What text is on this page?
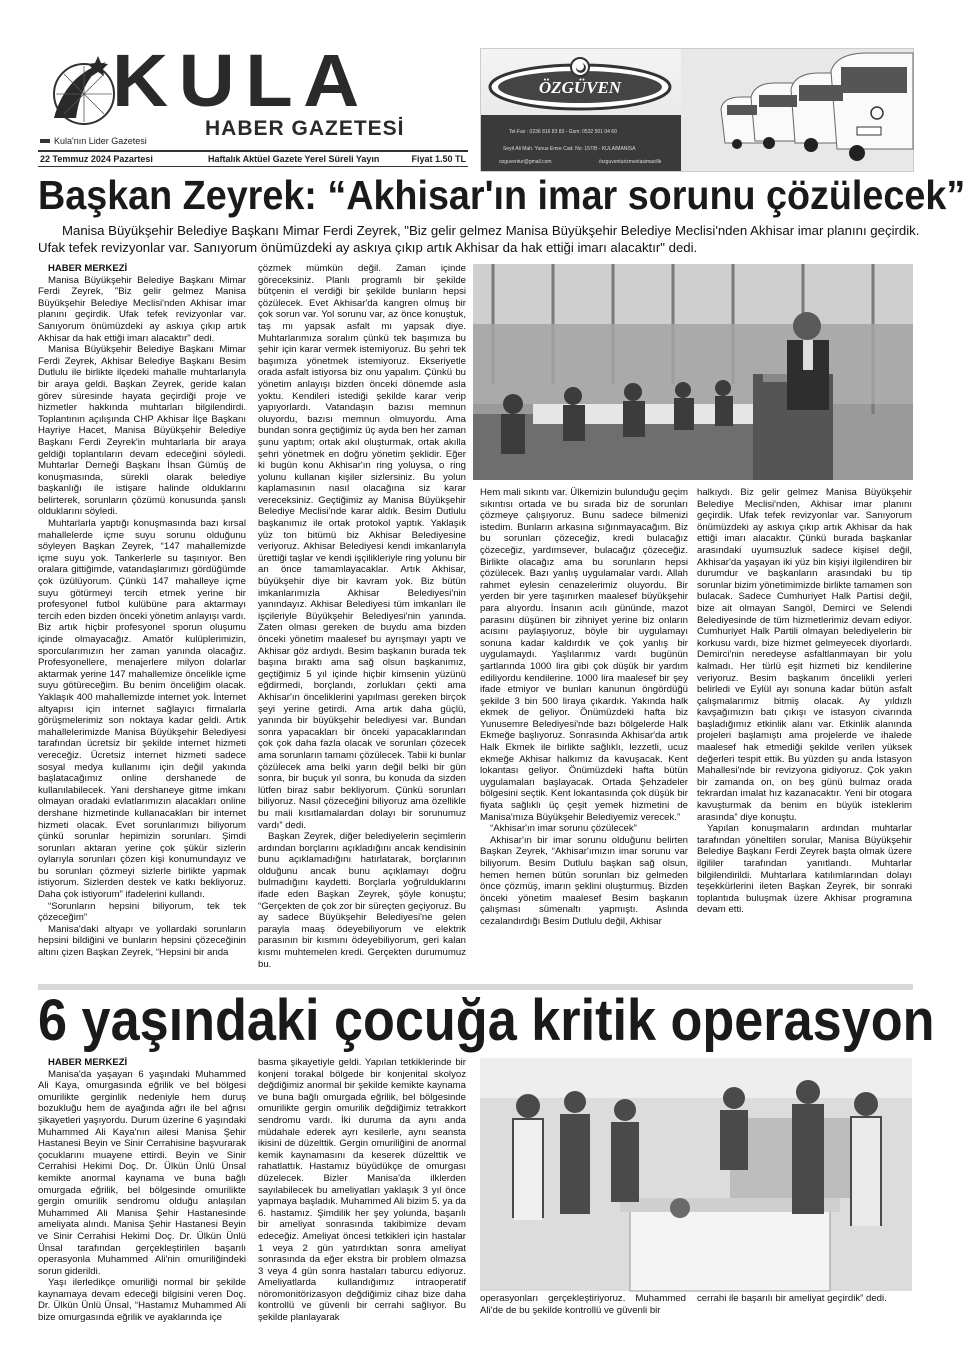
KULA
HABER GAZETESİ
Kula'nın Lider Gazetesi
22 Temmuz 2024 Pazartesi	Haftalık Aktüel Gazete Yerel Süreli Yayın	Fiyat 1.50 TL
ÖZGÜVEN
Tel-Fax : 0236 816 83 83 - Gsm: 0532 501 04 60
Seyit Ali Mah. Yunus Emre Cad. No: 157/B - KULA/MANİSA
ozguventur@gmail.com	/ozguventurizmvetasimacilik
Başkan Zeyrek: “Akhisar'ın imar sorunu çözülecek”
Manisa Büyükşehir Belediye Başkanı Mimar Ferdi Zeyrek, "Biz gelir gelmez Manisa Büyükşehir Belediye Meclisi'nden Akhisar imar planını geçirdik.
Ufak tefek revizyonlar var. Sanıyorum önümüzdeki ay askıya çıkıp artık Akhisar da hak ettiği imarı alacaktır" dedi.

HABER MERKEZİ

Manisa Büyükşehir Belediye Başkanı Mimar Ferdi Zeyrek, "Biz gelir gelmez Manisa Büyükşehir Belediye Meclisi'nden Akhisar imar planını geçirdik. Ufak tefek revizyonlar var. Sanıyorum önümüzdeki ay askıya çıkıp artık Akhisar da hak ettiği imarı alacaktır" dedi.

Manisa Büyükşehir Belediye Başkanı Mimar Ferdi Zeyrek, Akhisar Belediye Başkanı Besim Dutlulu ile birlikte ilçedeki mahalle muhtarlarıyla bir araya geldi. Başkan Zeyrek, geride kalan görev süresinde hayata geçirdiği proje ve hizmetler hakkında muhtarları bilgilendirdi. Toplantının açılışında CHP Akhisar İlçe Başkanı Hayriye Hacet, Manisa Büyükşehir Belediye Başkanı Ferdi Zeyrek'in muhtarlarla bir araya geldiği toplantıların devam edeceğini söyledi. Muhtarlar Derneği Başkanı İhsan Gümüş de konuşmasında, sürekli olarak belediye başkanlığı ile istişare halinde olduklarını belirterek, sorunların çözümü konusunda şanslı olduklarını söyledi.

Muhtarlarla yaptığı konuşmasında bazı kırsal mahallelerde içme suyu sorunu olduğunu söyleyen Başkan Zeyrek, “147 mahallemizde içme suyu yok. Tankerlerle su taşınıyor. Ben oralara gittiğimde, vatandaşlarımızı gördüğümde çok üzülüyorum. Çünkü 147 mahalleye içme suyu götürmeyi tercih etmek yerine bir profesyonel futbol kulübüne para aktarmayı tercih eden bizden önceki yönetim anlayışı vardı. Biz artık hiçbir profesyonel sporun oluşumu içinde olmayacağız. Amatör kulüplerimizin, sporcularımızın her zaman yanında olacağız. Profesyonellere, menajerlere milyon dolarlar aktarmak yerine 147 mahallemize öncelikle içme suyu götüreceğim. Bu benim önceliğim olacak. Yaklaşık 400 mahallemizde internet yok. İnternet altyapısı için internet sağlayıcı firmalarla görüşmelerimiz son noktaya kadar geldi. Artık mahallelerimizde Manisa Büyükşehir Belediyesi tarafından ücretsiz bir şekilde internet hizmeti vereceğiz. Ücretsiz internet hizmeti sadece sosyal medya kullanımı için değil yakında başlatacağımız online dershanede de kullanılabilecek. Yani dershaneye gitme imkanı olmayan oradaki evlatlarımızın alacakları online dershane hizmetinde kullanacakları bir internet hizmeti olacak. Evet sorunlarımızı biliyorum çünkü sorunlar hepimizin sorunları. Şimdi sorunları aktaran yerine çok şükür sizlerin oylarıyla sorunları çözen kişi konumundayız ve bu sorunları çözmeyi sizlerle birlikte yapmak istiyorum. Sizlerden destek ve katkı bekliyoruz. Daha çok istiyorum” ifadelerini kullandı.

“Sorunların hepsini biliyorum, tek tek çözeceğim”

Manisa'daki altyapı ve yollardaki sorunların hepsini bildiğini ve bunların hepsini çözeceğinin altını çizen Başkan Zeyrek, “Hepsini bir anda

çözmek mümkün değil. Zaman içinde göreceksiniz. Planlı programlı bir şekilde bütçenin el verdiği bir şekilde bunların hepsi çözülecek. Evet Akhisar'da kangren olmuş bir çok sorun var. Yol sorunu var, az önce konuştuk, taş mı yapsak asfalt mı yapsak diye. Muhtarlarımıza soralım çünkü tek başımıza bu şehir için karar vermek istemiyoruz. Bu şehri tek başımıza yönetmek istemiyoruz. Ekseriyetle orada asfalt istiyorsa biz onu yapalım. Çünkü bu yönetim anlayışı bizden önceki dönemde asla yoktu. Kendileri istediği şekilde karar verip yapıyorlardı. Vatandaşın bazısı memnun oluyordu, bazısı memnun olmuyordu. Ama bundan sonra geçtiğimiz üç ayda ben her zaman şunu yaptım; ortak akıl oluşturmak, ortak akılla şehri yönetmek en doğru yönetim şeklidir. Eğer ki bugün konu Akhisar'ın ring yoluysa, o ring yolunu kullanan kişiler sizlersiniz. Bu yolun kaplamasının nasıl olacağına siz karar vereceksiniz. Geçtiğimiz ay Manisa Büyükşehir Belediye Meclisi'nde karar aldık. Besim Dutlulu başkanımız ile ortak protokol yaptık. Yaklaşık yüz ton bitümü biz Akhisar Belediyesine veriyoruz. Akhisar Belediyesi kendi imkanlarıyla ürettiği taşlar ve kendi işçilikleriyle ring yolunu bir an önce tamamlayacaklar. Artık Akhisar, büyükşehir diye bir kavram yok. Biz bütün imkanlarımızla Akhisar Belediyesi'nin yanındayız. Akhisar Belediyesi tüm imkanları ile işçileriyle Büyükşehir Belediyesi'nin yanında. Zaten olması gereken de buydu ama bizden önceki yönetim maalesef bu ayrışmayı yaptı ve Akhisar göz ardıydı. Besim başkanın burada tek başına bıraktı ama sağ olsun başkanımız, geçtiğimiz 5 yıl içinde hiçbir kimsenin yüzünü eğdirmedi, borçlandı, zorlukları çekti ama Akhisar'ın önceliklerini yapılması gereken birçok şeyi yerine getirdi. Ama artık daha güçlü, yanında bir büyükşehir belediyesi var. Bundan sonra yapacakları bir önceki yapacaklarından çok çok daha fazla olacak ve sorunları çözecek ama sorunların tamamı çözülecek. Tabii ki bunlar çözülecek ama belki yarın değil belki bir gün sonra, bir buçuk yıl sonra, bu konuda da sizden lütfen biraz sabır bekliyorum. Çünkü sorunları biliyoruz. Nasıl çözeceğini biliyoruz ama özellikle bu mali kısıtlamalardan dolayı bir sorunumuz vardı” dedi.

Başkan Zeyrek, diğer belediyelerin seçimlerin ardından borçlarını açıkladığını ancak kendisinin bunu açıklamadığını hatırlatarak, borçlarının olduğunu ancak bunu açıklamayı doğru bulmadığını kaydetti. Borçlarla yoğrulduklarını ifade eden Başkan Zeyrek, şöyle konuştu; “Gerçekten de çok zor bir süreçten geçiyoruz. Bu ay sadece Büyükşehir Belediyesi'ne gelen parayla maaş ödeyebiliyorum ve elektrik parasının bir kısmını ödeyebiliyorum, geri kalan kısmı muhtemelen kredi. Gerçekten durumumuz bu.

Hem mali sıkıntı var. Ülkemizin bulunduğu geçim sıkıntısı ortada ve bu sırada biz de sorunları çözmeye çalışıyoruz. Bunu sadece bilmenizi istedim. Bunların arkasına sığınmayacağım. Biz bu sorunları çözeceğiz, kredi bulacağız çözeceğiz, yardımsever, bulacağız çözeceğiz. Birlikte olacağız ama bu sorunların hepsi çözülecek. Bazı yanlış uygulamalar vardı. Allah rahmet eylesin cenazelerimiz oluyordu. Bir yerden bir yere taşınırken maalesef büyükşehir para alıyordu. İnsanın acılı gününde, mazot parasını düşünen bir zihniyet yerine biz onların acısını paylaşıyoruz, böyle bir uygulamayı sonuna kadar kaldırdık ve çok yanlış bir uygulamaydı. Yaşlılarımız vardı bugünün şartlarında 1000 lira gibi çok düşük bir yardım ediliyordu kendilerine. 1000 lira maalesef bir şey ifade etmiyor ve bunları kanunun öngördüğü şekilde 3 bin 500 liraya çıkardık. Yakında halk ekmek de geliyor. Önümüzdeki hafta biz Yunusemre Belediyesi'nde bazı bölgelerde Halk Ekmeğe başlıyoruz. Sonrasında Akhisar'da artık Halk Ekmek ile birlikte sağlıklı, lezzetli, ucuz ekmeğe Akhisar halkımız da kavuşacak. Kent lokantası geliyor. Önümüzdeki hafta bütün uygulamaları başlayacak. Ortada Şehzadeler bölgesini seçtik. Kent lokantasında çok düşük bir fiyata sağlıklı üç çeşit yemek hizmetini de Manisa'mıza Büyükşehir Belediyemiz verecek.”

“Akhisar'ın imar sorunu çözülecek”

Akhisar'ın bir imar sorunu olduğunu belirten Başkan Zeyrek, “Akhisar'ımızın imar sorunu var biliyorum. Besim Dutlulu başkan sağ olsun, hemen hemen bütün sorunları biz gelmeden önce çözmüş, imarın şeklini oluşturmuş. Bizden önceki yönetim maalesef Besim başkanın çalışması sümenaltı yapmıştı. Aslında cezalandırdığı Besim Dutlulu değil, Akhisar

halkıydı. Biz gelir gelmez Manisa Büyükşehir Belediye Meclisi'nden, Akhisar imar planını geçirdik. Ufak tefek revizyonlar var. Sanıyorum önümüzdeki ay askıya çıkıp artık Akhisar da hak ettiği imarı alacaktır. Çünkü burada başkanlar arasındaki uyumsuzluk sadece kişisel değil, Akhisar'da yaşayan iki yüz bin kişiyi ilgilendiren bir durumdur ve başkanların arasındaki bu tip sorunlar bizim yönetimimizde birlikte tamamen son bulacak. Sadece Cumhuriyet Halk Partisi değil, bize ait olmayan Sangöl, Demirci ve Selendi Belediyesinde de tüm hizmetlerimiz devam ediyor. Cumhuriyet Halk Partili olmayan belediyelerin bir korkusu vardı, bize hizmet gelmeyecek diyorlardı. Demirci'nin neredeyse asfaltlanmayan bir yolu kalmadı. Her türlü eşit hizmeti biz kendilerine veriyoruz. Besim başkanım öncelikli yerleri belirledi ve Eylül ayı sonuna kadar bütün asfalt çalışmalarımız bitmiş olacak. Ay yıldızlı kavşağımızın batı çıkışı ve istasyon civarında başladığımız etkinlik alanı var. Etkinlik alanında projeleri başlamıştı ama projelerde ve ihalede maalesef hak etmediği şekilde verilen yüksek değerleri tespit ettik. Bu yüzden şu anda İstasyon Mahallesi'nde bir revizyona gidiyoruz. Çok yakın bir zamanda on, on beş günü bulmaz orada tekrardan imalat hız kazanacaktır. Yeni bir otogara kavuşturmak da benim en büyük isteklerim arasında” diye konuştu.

Yapılan konuşmaların ardından muhtarlar tarafından yöneltilen sorular, Manisa Büyükşehir Belediye Başkanı Ferdi Zeyrek başta olmak üzere ilgililer tarafından yanıtlandı. Muhtarlar bilgilendirildi. Muhtarlara katılımlarından dolayı teşekkürlerini ileten Başkan Zeyrek, bir sonraki toplantıda buluşmak üzere Akhisar programına devam etti.

6 yaşındaki çocuğa kritik operasyon

HABER MERKEZİ

Manisa'da yaşayan 6 yaşındaki Muhammed Ali Kaya, omurgasında eğrilik ve bel bölgesi omurilikte gerginlik nedeniyle hem duruş bozukluğu hem de ayağında ağrı ile bel ağrısı şikayetleri yaşıyordu. Durum üzerine 6 yaşındaki Muhammed Ali Kaya'nın ailesi Manisa Şehir Hastanesi Beyin ve Sinir Cerrahisine başvurarak çocuklarını muayene ettirdi. Beyin ve Sinir Cerrahisi Hekimi Doç. Dr. Ülkün Ünlü Ünsal kemikte anormal kaynama ve buna bağlı omurgada eğrilik, bel bölgesinde omurilikte gergin omurilik sendromu olduğu anlaşılan Muhammed Ali Manisa Şehir Hastanesinde ameliyata alındı. Manisa Şehir Hastanesi Beyin ve Sinir Cerrahisi Hekimi Doç. Dr. Ülkün Ünlü Ünsal tarafından gerçekleştirilen başarılı operasyonla Muhammed Ali'nin omuriliğindeki sorun giderildi.

Yaşı ilerledikçe omuriliği normal bir şekilde kaynamaya devam edeceği bilgisini veren Doç. Dr. Ülkün Ünlü Ünsal, “Hastamız Muhammed Ali bize omurgasında eğrilik ve ayaklarında içe

basma şikayetiyle geldi. Yapılan tetkiklerinde bir konjeni torakal bölgede bir konjenital skolyoz değdiğimiz anormal bir şekilde kemikte kaynama ve buna bağlı omurgada eğrilik, bel bölgesinde omurilikte gergin omurilik değdiğimiz tetrakkort sendromu vardı. İki duruma da aynı anda müdahale ederek ayrı kesilerle, aynı seansta ikisini de düzelttik. Gergin omuriliğini de anormal kemik kaynamasını da keserek düzelttik ve rahatlattık. Hastamız büyüdükçe de omurgası düzelecek. Bizler Manisa'da ilklerden sayılabilecek bu ameliyatları yaklaşık 3 yıl önce yapmaya başladık. Muhammed Ali bizim 5. ya da 6. hastamız. Şimdilik her şey yolunda, başarılı bir ameliyat sonrasında takibimize devam edeceğiz. Ameliyat öncesi tetkikleri için hastalar 1 veya 2 gün yatırdıktan sonra ameliyat sonrasında da eğer ekstra bir problem olmazsa 3 veya 4 gün sonra hastaları taburcu ediyoruz. Ameliyatlarda kullandığımız intraoperatif nöromonitörizasyon değdiğimiz cihaz bize daha kontrollü ve güvenli bir cerrahi sağlıyor. Bu şekilde planlayarak

operasyonları gerçekleştiriyoruz. Muhammed Ali'de de bu şekilde kontrollü ve güvenli bir

cerrahi ile başarılı bir ameliyat geçirdik” dedi.
